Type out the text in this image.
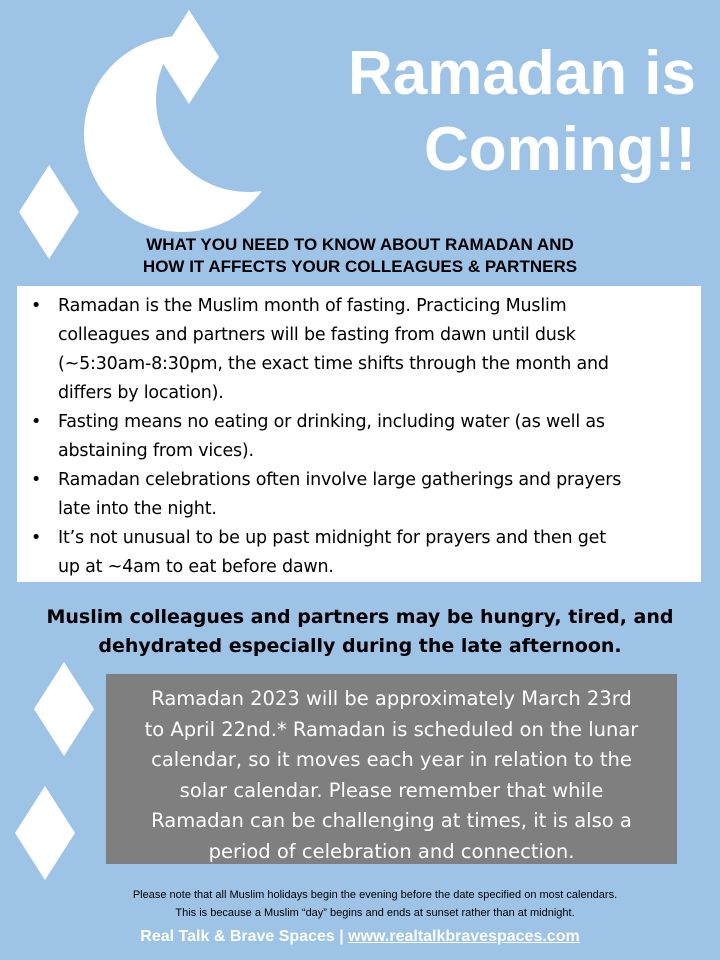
Ramadan is
Coming!!
WHAT YOU NEED TO KNOW ABOUT RAMADAN AND
HOW IT AFFECTS YOUR COLLEAGUES & PARTNERS
• Ramadan is the Muslim month of fasting. Practicing Muslim
colleagues and partners will be fasting from dawn until dusk
(~5:30am-8:30pm, the exact time shifts through the month and
differs by location).
• Fasting means no eating or drinking, including water (as well as
abstaining from vices).
• Ramadan celebrations often involve large gatherings and prayers
late into the night.
• It’s not unusual to be up past midnight for prayers and then get
up at ~4am to eat before dawn.
Muslim colleagues and partners may be hungry, tired, and
dehydrated especially during the late afternoon.
Ramadan 2023 will be approximately March 23rd
to April 22nd.* Ramadan is scheduled on the lunar
calendar, so it moves each year in relation to the
solar calendar. Please remember that while
Ramadan can be challenging at times, it is also a
period of celebration and connection.
Please note that all Muslim holidays begin the evening before the date specified on most calendars.
This is because a Muslim “day” begins and ends at sunset rather than at midnight.
Real Talk & Brave Spaces | www.realtalkbravespaces.com
